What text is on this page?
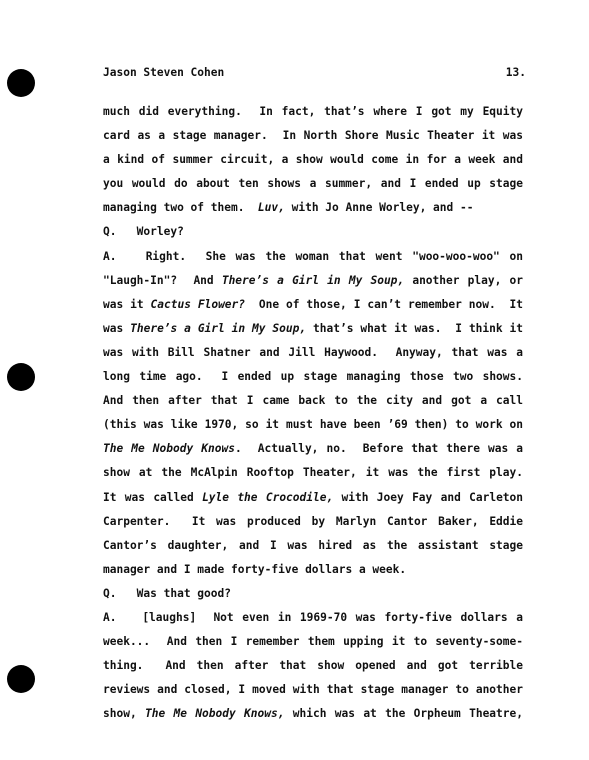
Jason Steven Cohen	13.
much did everything.  In fact, that’s where I got my Equity
card as a stage manager.  In North Shore Music Theater it was
a kind of summer circuit, a show would come in for a week and
you would do about ten shows a summer, and I ended up stage
managing two of them.  Luv, with Jo Anne Worley, and --
Q.   Worley?
A.   Right.  She was the woman that went "woo-woo-woo" on
"Laugh-In"?  And There’s a Girl in My Soup, another play, or
was it Cactus Flower?  One of those, I can’t remember now.  It
was There’s a Girl in My Soup, that’s what it was.  I think it
was with Bill Shatner and Jill Haywood.  Anyway, that was a
long time ago.  I ended up stage managing those two shows.
And then after that I came back to the city and got a call
(this was like 1970, so it must have been ’69 then) to work on
The Me Nobody Knows.  Actually, no.  Before that there was a
show at the McAlpin Rooftop Theater, it was the first play.
It was called Lyle the Crocodile, with Joey Fay and Carleton
Carpenter.  It was produced by Marlyn Cantor Baker, Eddie
Cantor’s daughter, and I was hired as the assistant stage
manager and I made forty-five dollars a week.
Q.   Was that good?
A.   [laughs]  Not even in 1969-70 was forty-five dollars a
week...  And then I remember them upping it to seventy-some-
thing.  And then after that show opened and got terrible
reviews and closed, I moved with that stage manager to another
show, The Me Nobody Knows, which was at the Orpheum Theatre,
